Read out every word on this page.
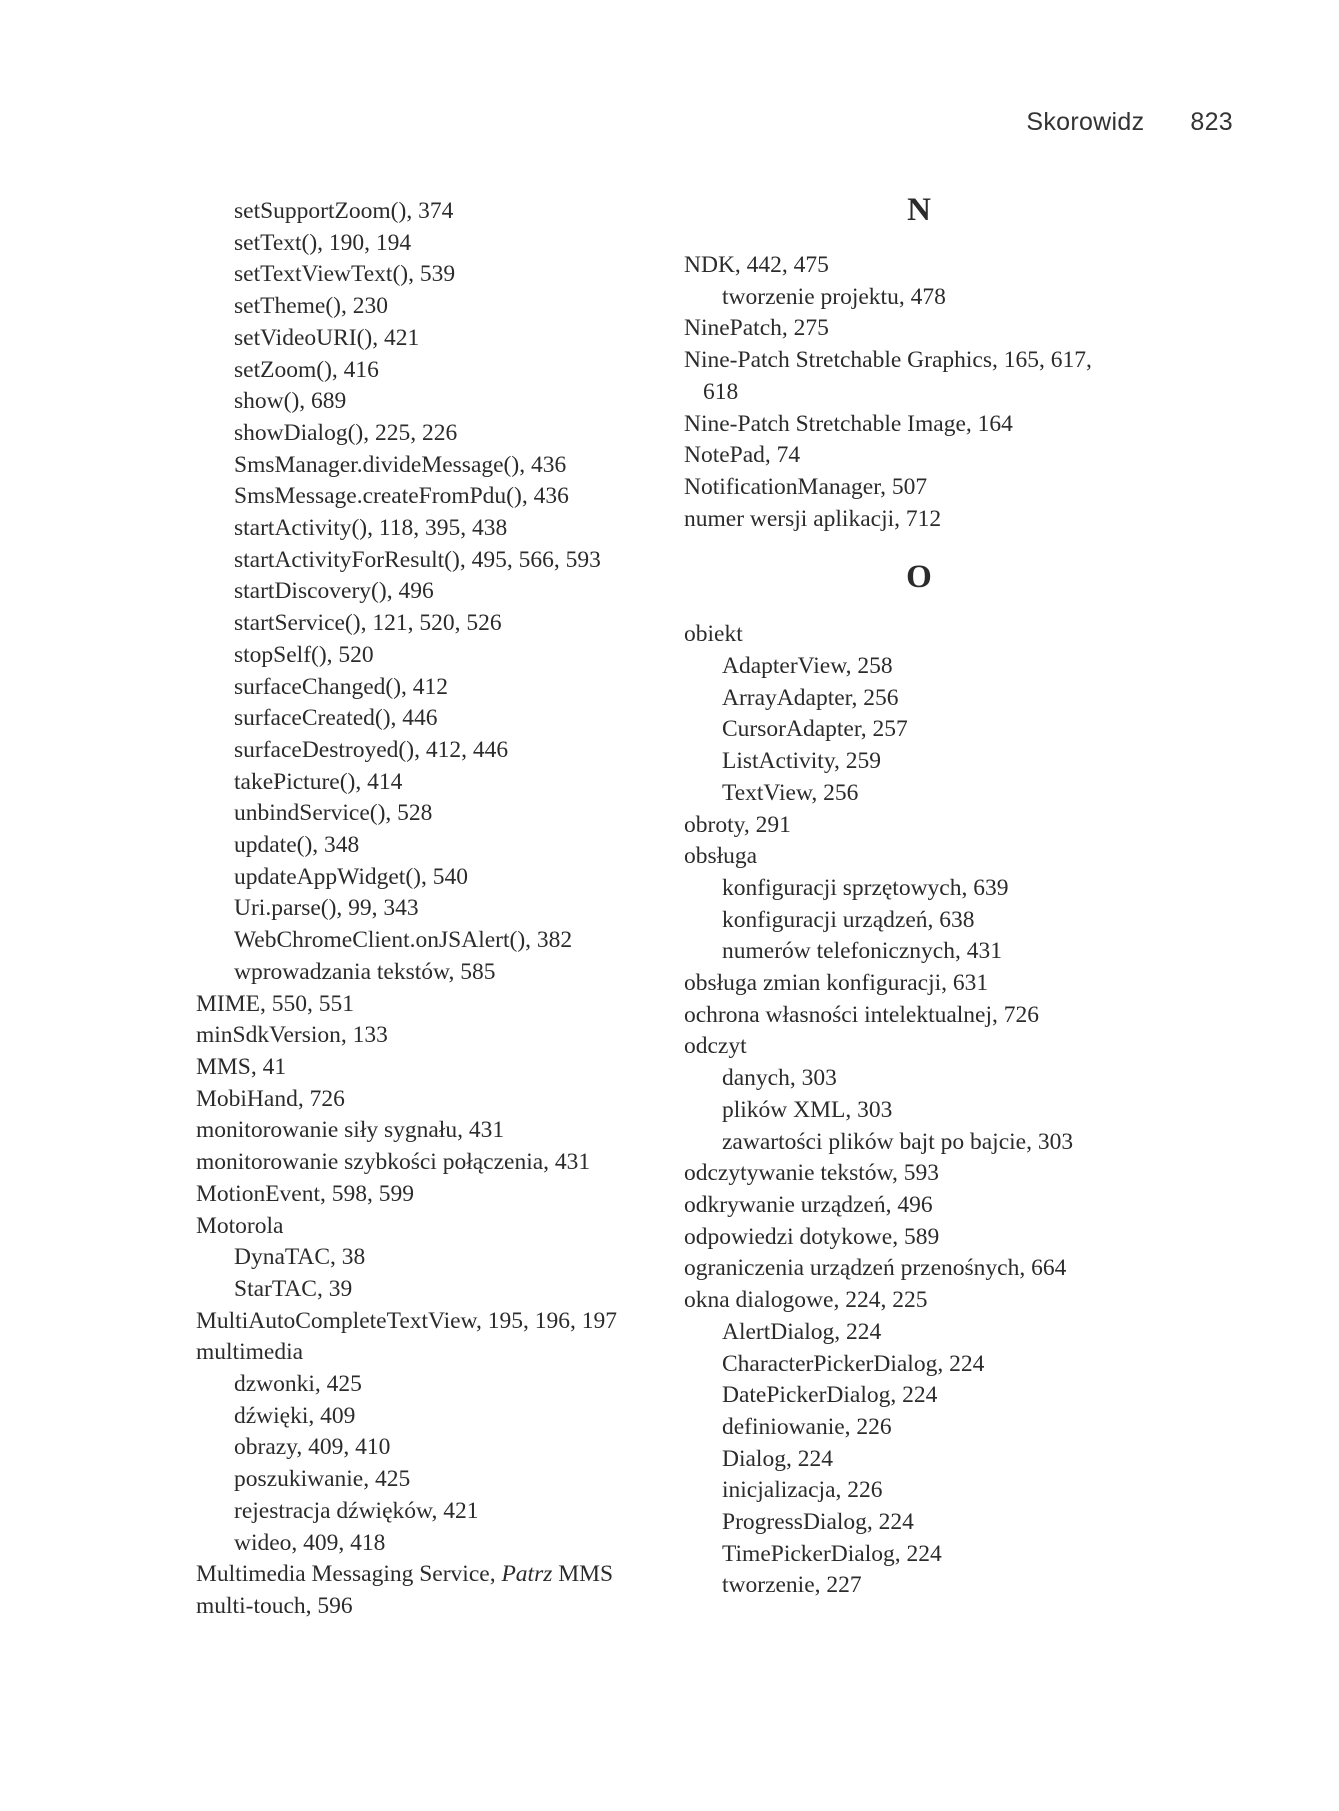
Skorowidz 823
setSupportZoom(), 374
setText(), 190, 194
setTextViewText(), 539
setTheme(), 230
setVideoURI(), 421
setZoom(), 416
show(), 689
showDialog(), 225, 226
SmsManager.divideMessage(), 436
SmsMessage.createFromPdu(), 436
startActivity(), 118, 395, 438
startActivityForResult(), 495, 566, 593
startDiscovery(), 496
startService(), 121, 520, 526
stopSelf(), 520
surfaceChanged(), 412
surfaceCreated(), 446
surfaceDestroyed(), 412, 446
takePicture(), 414
unbindService(), 528
update(), 348
updateAppWidget(), 540
Uri.parse(), 99, 343
WebChromeClient.onJSAlert(), 382
wprowadzania tekstów, 585
MIME, 550, 551
minSdkVersion, 133
MMS, 41
MobiHand, 726
monitorowanie siły sygnału, 431
monitorowanie szybkości połączenia, 431
MotionEvent, 598, 599
Motorola
DynaTAC, 38
StarTAC, 39
MultiAutoCompleteTextView, 195, 196, 197
multimedia
dzwonki, 425
dźwięki, 409
obrazy, 409, 410
poszukiwanie, 425
rejestracja dźwięków, 421
wideo, 409, 418
Multimedia Messaging Service, Patrz MMS
multi-touch, 596
N
NDK, 442, 475
tworzenie projektu, 478
NinePatch, 275
Nine-Patch Stretchable Graphics, 165, 617,
618
Nine-Patch Stretchable Image, 164
NotePad, 74
NotificationManager, 507
numer wersji aplikacji, 712
O
obiekt
AdapterView, 258
ArrayAdapter, 256
CursorAdapter, 257
ListActivity, 259
TextView, 256
obroty, 291
obsługa
konfiguracji sprzętowych, 639
konfiguracji urządzeń, 638
numerów telefonicznych, 431
obsługa zmian konfiguracji, 631
ochrona własności intelektualnej, 726
odczyt
danych, 303
plików XML, 303
zawartości plików bajt po bajcie, 303
odczytywanie tekstów, 593
odkrywanie urządzeń, 496
odpowiedzi dotykowe, 589
ograniczenia urządzeń przenośnych, 664
okna dialogowe, 224, 225
AlertDialog, 224
CharacterPickerDialog, 224
DatePickerDialog, 224
definiowanie, 226
Dialog, 224
inicjalizacja, 226
ProgressDialog, 224
TimePickerDialog, 224
tworzenie, 227
